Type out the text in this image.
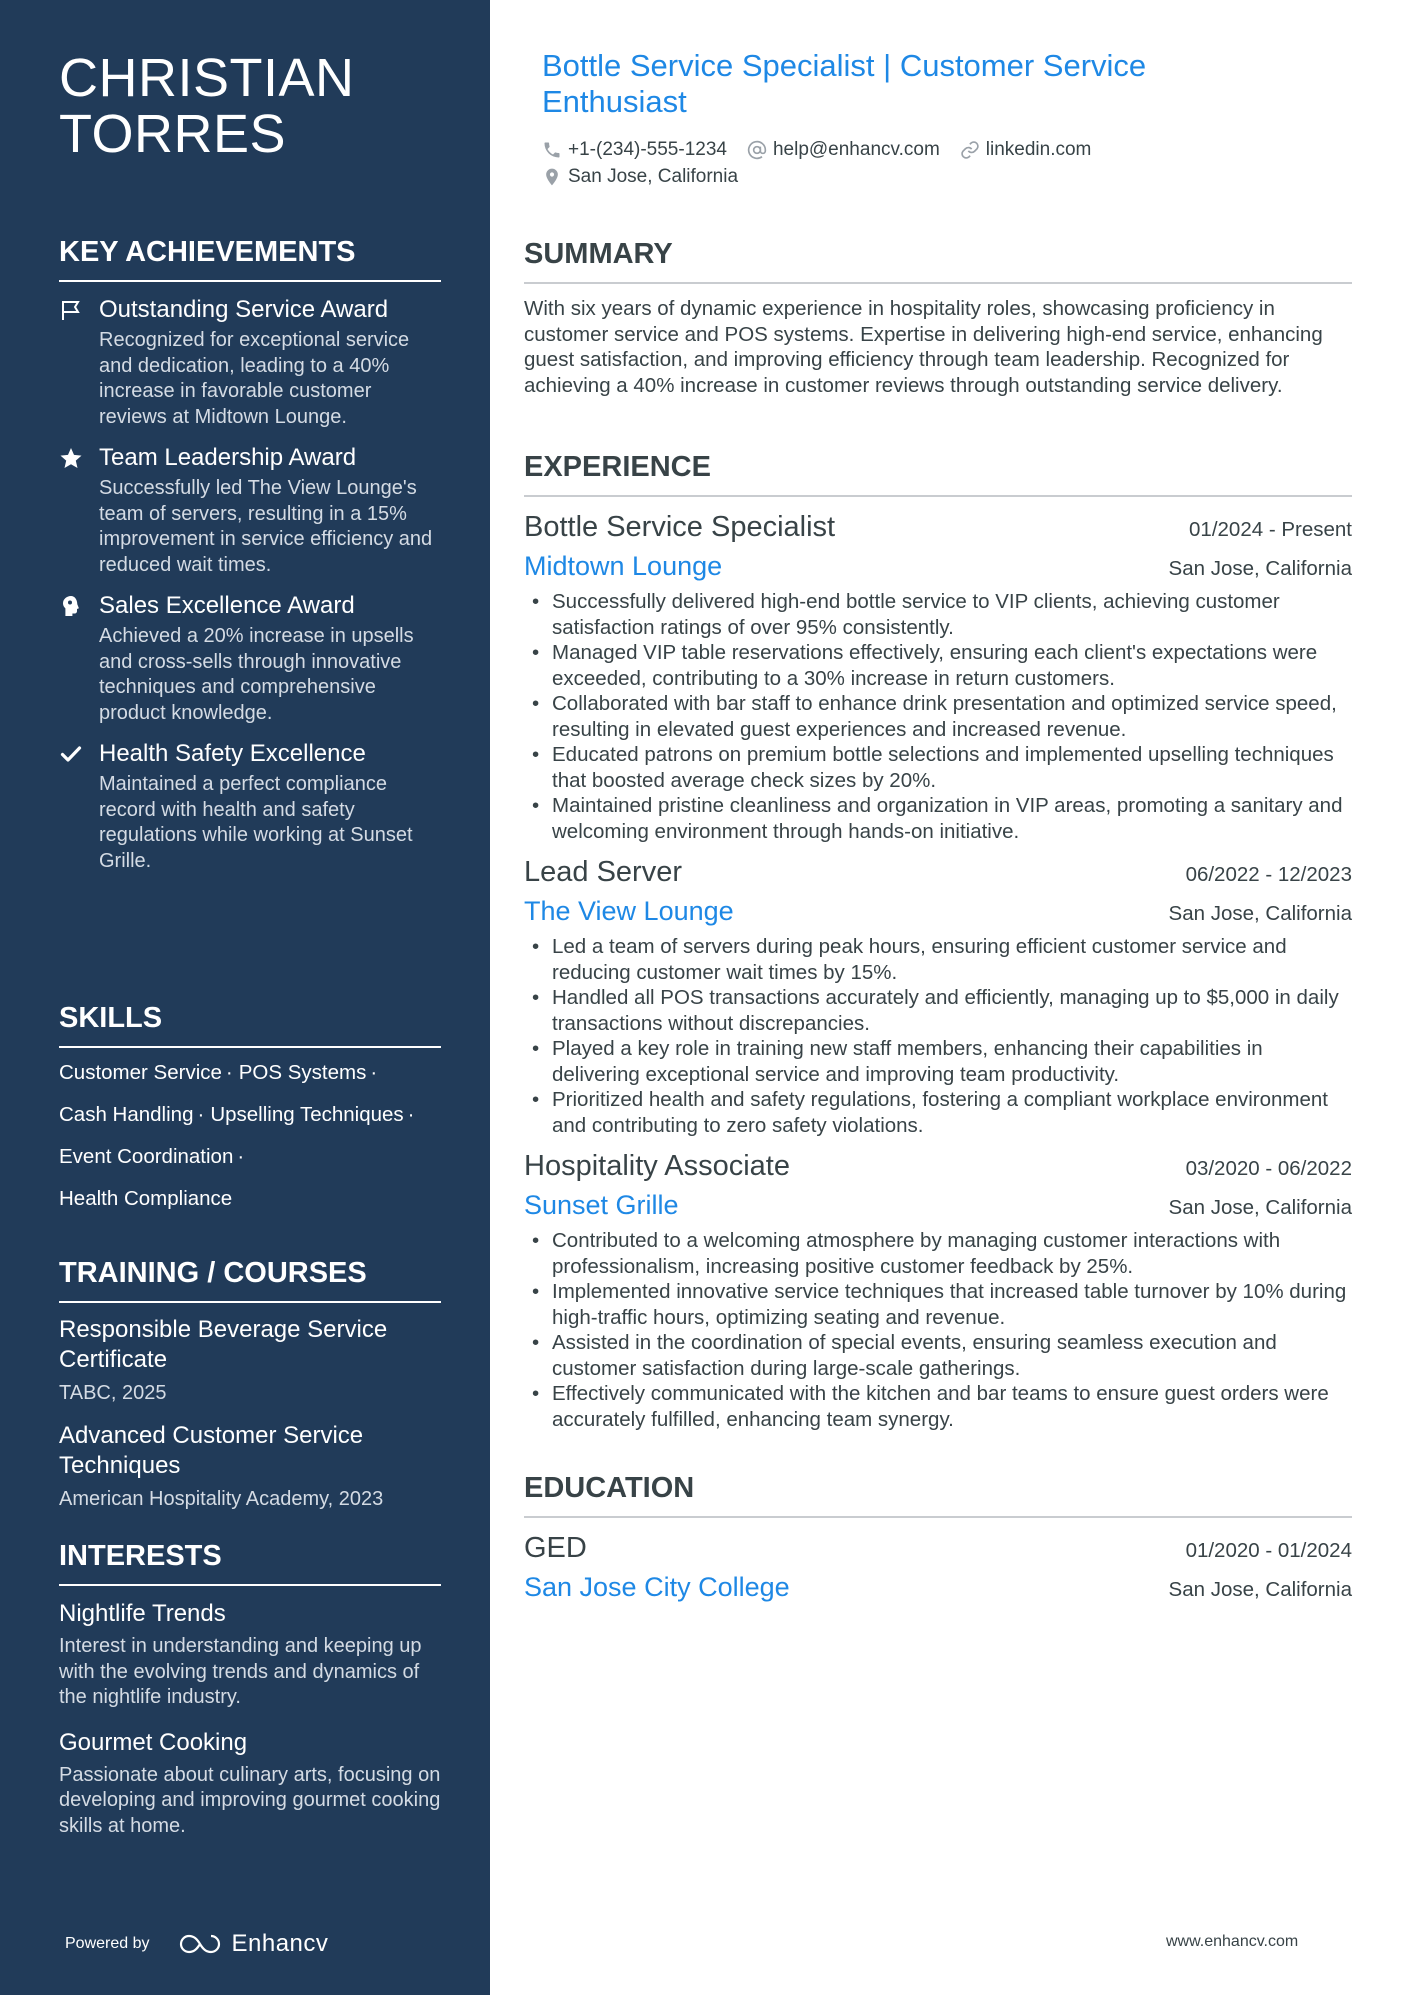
CHRISTIAN
TORRES
KEY ACHIEVEMENTS
Outstanding Service Award
Recognized for exceptional service and dedication, leading to a 40% increase in favorable customer reviews at Midtown Lounge.
Team Leadership Award
Successfully led The View Lounge's team of servers, resulting in a 15% improvement in service efficiency and reduced wait times.
Sales Excellence Award
Achieved a 20% increase in upsells and cross-sells through innovative techniques and comprehensive product knowledge.
Health Safety Excellence
Maintained a perfect compliance record with health and safety regulations while working at Sunset Grille.
SKILLS
Customer Service · POS Systems ·
Cash Handling · Upselling Techniques ·
Event Coordination ·
Health Compliance
TRAINING / COURSES
Responsible Beverage Service Certificate
TABC, 2025
Advanced Customer Service Techniques
American Hospitality Academy, 2023
INTERESTS
Nightlife Trends
Interest in understanding and keeping up with the evolving trends and dynamics of the nightlife industry.
Gourmet Cooking
Passionate about culinary arts, focusing on developing and improving gourmet cooking skills at home.
Powered by	Enhancv
Bottle Service Specialist | Customer Service Enthusiast
+1-(234)-555-1234 help@enhancv.com linkedin.com
San Jose, California
SUMMARY

With six years of dynamic experience in hospitality roles, showcasing proficiency in customer service and POS systems. Expertise in delivering high-end service, enhancing guest satisfaction, and improving efficiency through team leadership. Recognized for achieving a 40% increase in customer reviews through outstanding service delivery.

EXPERIENCE
Bottle Service Specialist	01/2024 - Present
Midtown Lounge	San Jose, California
• Successfully delivered high-end bottle service to VIP clients, achieving customer satisfaction ratings of over 95% consistently.
• Managed VIP table reservations effectively, ensuring each client's expectations were exceeded, contributing to a 30% increase in return customers.
• Collaborated with bar staff to enhance drink presentation and optimized service speed, resulting in elevated guest experiences and increased revenue.
• Educated patrons on premium bottle selections and implemented upselling techniques that boosted average check sizes by 20%.
• Maintained pristine cleanliness and organization in VIP areas, promoting a sanitary and welcoming environment through hands-on initiative.
Lead Server	06/2022 - 12/2023
The View Lounge	San Jose, California
• Led a team of servers during peak hours, ensuring efficient customer service and reducing customer wait times by 15%.
• Handled all POS transactions accurately and efficiently, managing up to $5,000 in daily transactions without discrepancies.
• Played a key role in training new staff members, enhancing their capabilities in delivering exceptional service and improving team productivity.
• Prioritized health and safety regulations, fostering a compliant workplace environment and contributing to zero safety violations.
Hospitality Associate	03/2020 - 06/2022
Sunset Grille	San Jose, California
• Contributed to a welcoming atmosphere by managing customer interactions with professionalism, increasing positive customer feedback by 25%.
• Implemented innovative service techniques that increased table turnover by 10% during high-traffic hours, optimizing seating and revenue.
• Assisted in the coordination of special events, ensuring seamless execution and customer satisfaction during large-scale gatherings.
• Effectively communicated with the kitchen and bar teams to ensure guest orders were accurately fulfilled, enhancing team synergy.
EDUCATION
GED	01/2020 - 01/2024
San Jose City College	San Jose, California
www.enhancv.com
